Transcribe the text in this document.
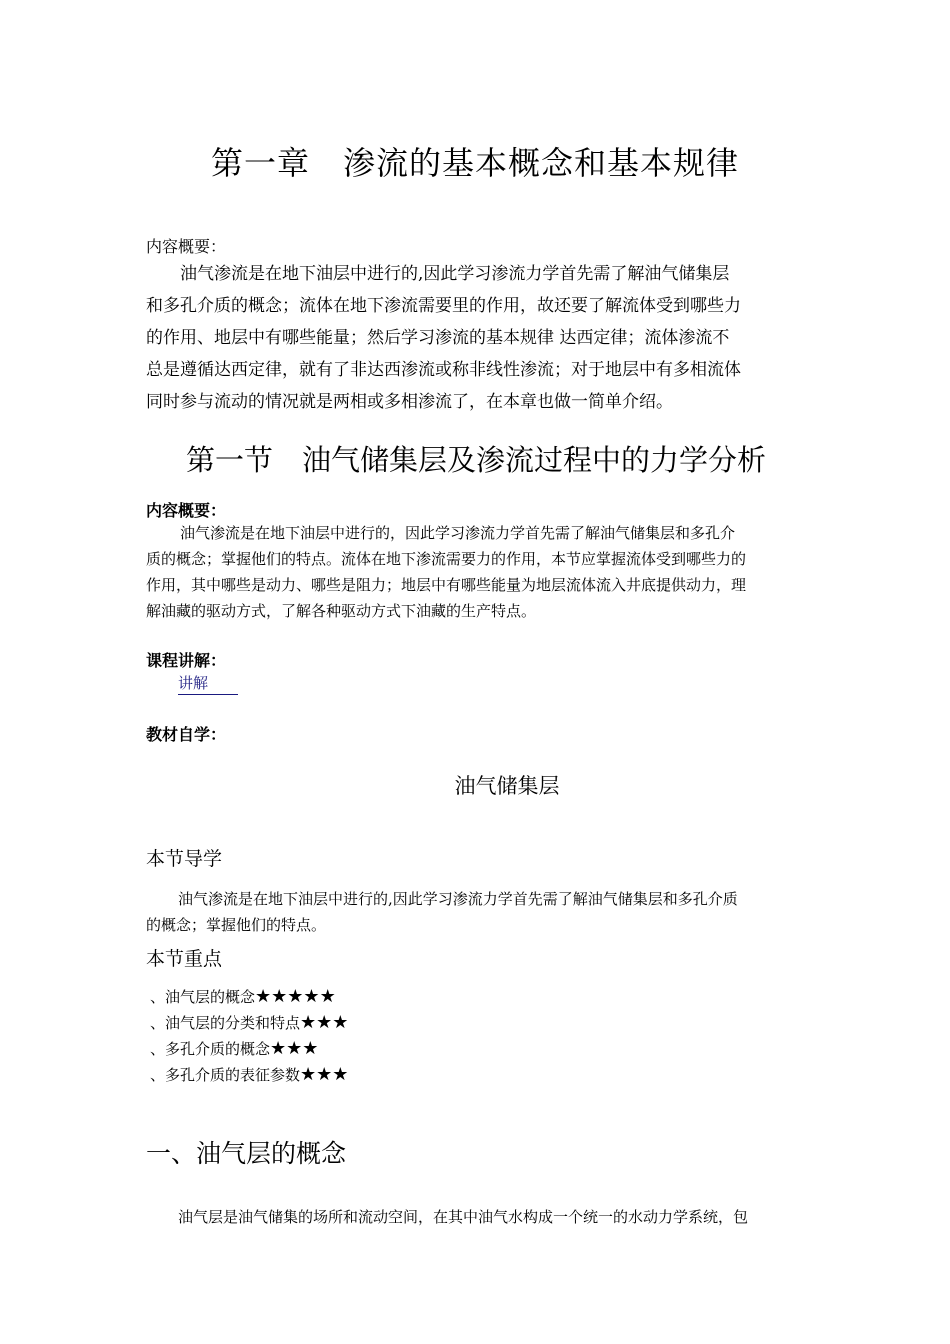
第一章　渗流的基本概念和基本规律
内容概要：

油气渗流是在地下油层中进行的,因此学习渗流力学首先需了解油气储集层

和多孔介质的概念；流体在地下渗流需要里的作用，故还要了解流体受到哪些力

的作用、地层中有哪些能量；然后学习渗流的基本规律 达西定律；流体渗流不

总是遵循达西定律，就有了非达西渗流或称非线性渗流；对于地层中有多相流体

同时参与流动的情况就是两相或多相渗流了，在本章也做一简单介绍。

第一节　油气储集层及渗流过程中的力学分析
内容概要：

油气渗流是在地下油层中进行的，因此学习渗流力学首先需了解油气储集层和多孔介

质的概念；掌握他们的特点。流体在地下渗流需要力的作用，本节应掌握流体受到哪些力的

作用，其中哪些是动力、哪些是阻力；地层中有哪些能量为地层流体流入井底提供动力，理

解油藏的驱动方式，了解各种驱动方式下油藏的生产特点。

课程讲解：
讲解
教材自学：
油气储集层
本节导学

油气渗流是在地下油层中进行的,因此学习渗流力学首先需了解油气储集层和多孔介质

的概念；掌握他们的特点。

本节重点
、油气层的概念★★★★★
、油气层的分类和特点★★★
、多孔介质的概念★★★
、多孔介质的表征参数★★★
一、油气层的概念
油气层是油气储集的场所和流动空间，在其中油气水构成一个统一的水动力学系统，包
